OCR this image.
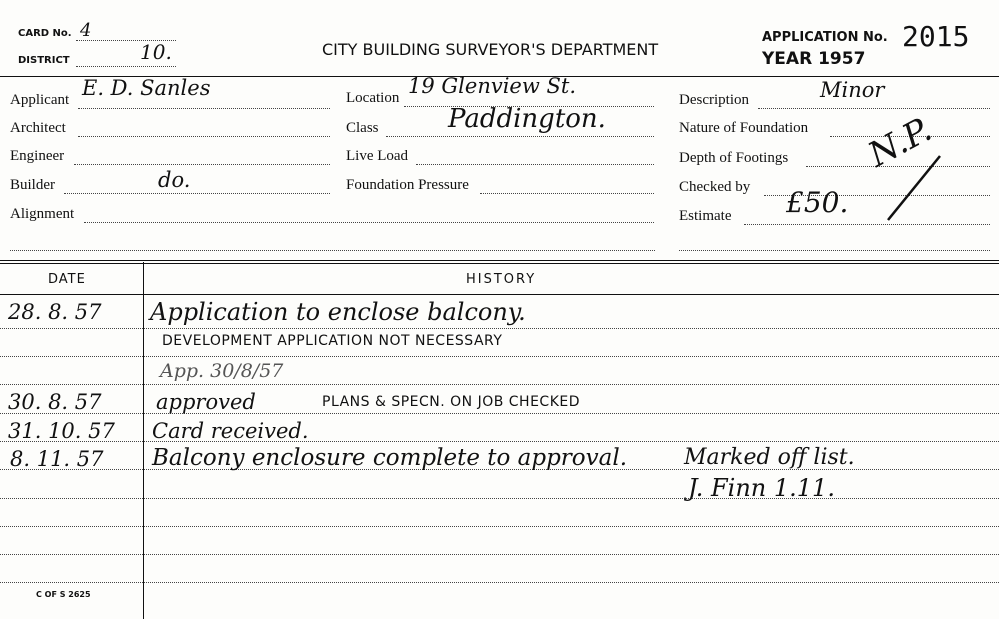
CARD No. 4
DISTRICT	10.	CITY BUILDING SURVEYOR'S DEPARTMENT
APPLICATION No. 2015
YEAR 1957
Applicant E. D. Sanles
Architect
Engineer
Builder	do.
Alignment
Location 19 Glenview St.
Class	Paddington.
Live Load
Foundation Pressure
Description	Minor
Nature of Foundation
Depth of Footings
Checked by
Estimate £50.
N.P.
DATE	HISTORY
28. 8. 57 Application to enclose balcony.
DEVELOPMENT APPLICATION NOT NECESSARY
App. 30/8/57
30. 8. 57	approved	PLANS & SPECN. ON JOB CHECKED
31. 10. 57 Card received.
8. 11. 57 Balcony enclosure complete to approval.	Marked off list.
J. Finn 1.11.
C OF S 2625
